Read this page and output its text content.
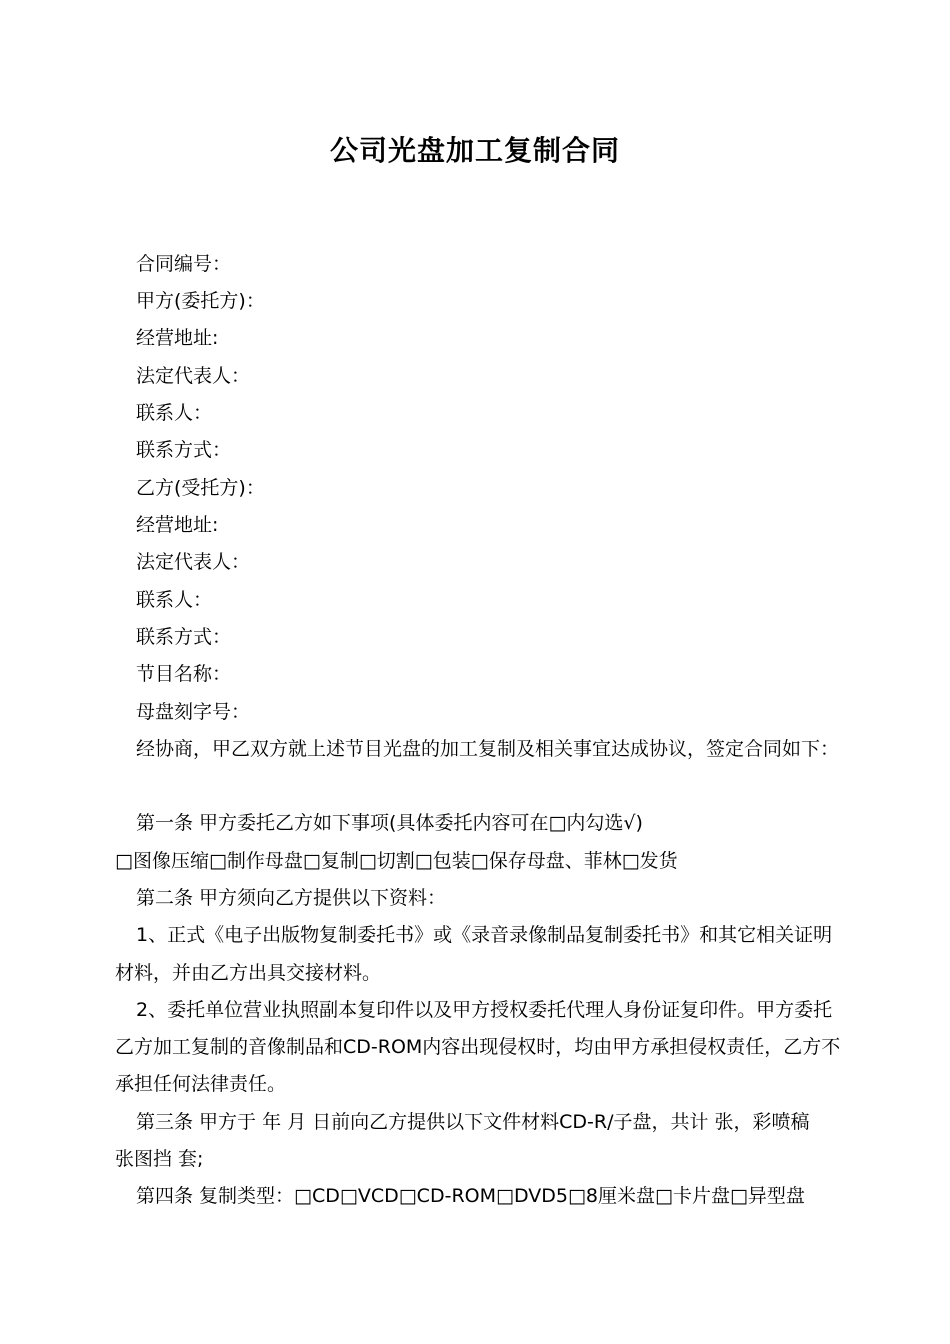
公司光盘加工复制合同
合同编号：
甲方(委托方)：
经营地址:
法定代表人：
联系人：
联系方式：
乙方(受托方)：
经营地址:
法定代表人：
联系人：
联系方式：
节目名称：
母盘刻字号：
经协商，甲乙双方就上述节目光盘的加工复制及相关事宜达成协议，签定合同如下：
第一条 甲方委托乙方如下事项(具体委托内容可在□内勾选√)
□图像压缩□制作母盘□复制□切割□包装□保存母盘、菲林□发货
第二条 甲方须向乙方提供以下资料：
1、正式《电子出版物复制委托书》或《录音录像制品复制委托书》和其它相关证明
材料，并由乙方出具交接材料。
2、委托单位营业执照副本复印件以及甲方授权委托代理人身份证复印件。甲方委托
乙方加工复制的音像制品和CD-ROM内容出现侵权时，均由甲方承担侵权责任，乙方不
承担任何法律责任。
第三条 甲方于 年 月 日前向乙方提供以下文件材料CD-R/子盘，共计 张，彩喷稿
张图挡 套;
第四条 复制类型：□CD□VCD□CD-ROM□DVD5□8厘米盘□卡片盘□异型盘
